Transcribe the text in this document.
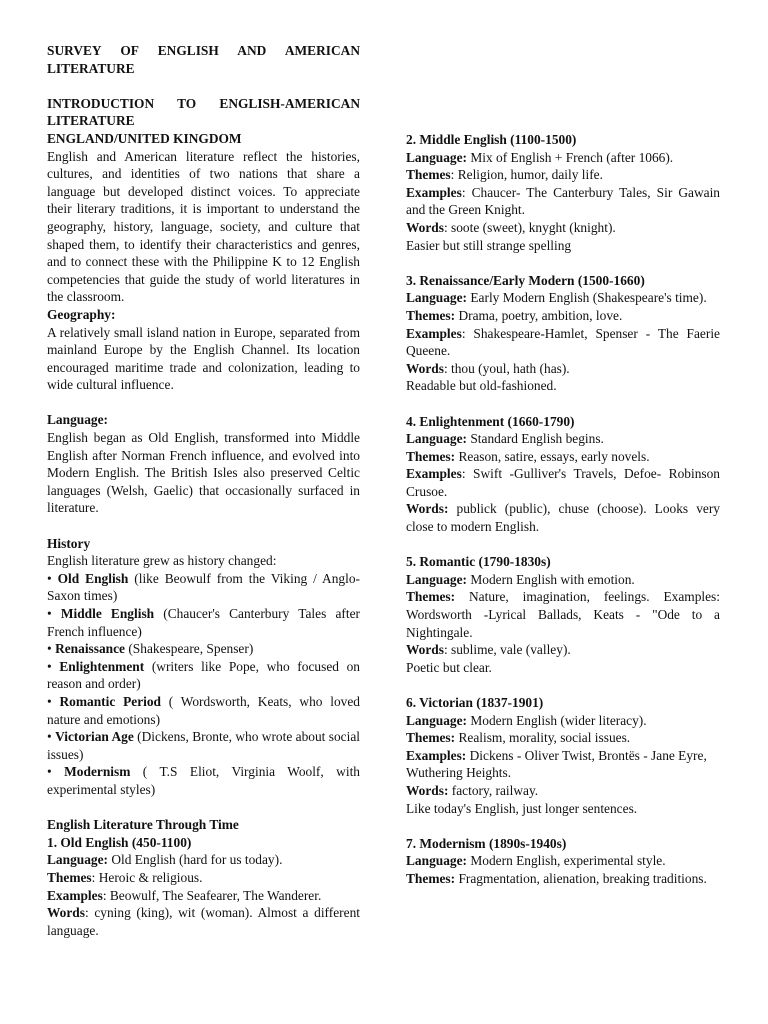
SURVEY OF ENGLISH AND AMERICAN LITERATURE

INTRODUCTION TO ENGLISH-AMERICAN LITERATURE

ENGLAND/UNITED KINGDOM

English and American literature reflect the histories, cultures, and identities of two nations that share a language but developed distinct voices. To appreciate their literary traditions, it is important to understand the geography, history, language, society, and culture that shaped them, to identify their characteristics and genres, and to connect these with the Philippine K to 12 English competencies that guide the study of world literatures in the classroom.

Geography:

A relatively small island nation in Europe, separated from mainland Europe by the English Channel. Its location encouraged maritime trade and colonization, leading to wide cultural influence.

Language:

English began as Old English, transformed into Middle English after Norman French influence, and evolved into Modern English. The British Isles also preserved Celtic languages (Welsh, Gaelic) that occasionally surfaced in literature.

History

English literature grew as history changed:

• Old English (like Beowulf from the Viking / Anglo-Saxon times)

• Middle English (Chaucer's Canterbury Tales after French influence)

• Renaissance (Shakespeare, Spenser)

• Enlightenment (writers like Pope, who focused on reason and order)

• Romantic Period ( Wordsworth, Keats, who loved nature and emotions)

• Victorian Age (Dickens, Bronte, who wrote about social issues)

• Modernism ( T.S Eliot, Virginia Woolf, with experimental styles)

English Literature Through Time

1. Old English (450-1100)

Language: Old English (hard for us today).

Themes: Heroic & religious.

Examples: Beowulf, The Seafearer, The Wanderer.

Words: cyning (king), wit (woman). Almost a different language.

2. Middle English (1100-1500)

Language: Mix of English + French (after 1066).

Themes: Religion, humor, daily life.

Examples: Chaucer- The Canterbury Tales, Sir Gawain and the Green Knight.

Words: soote (sweet), knyght (knight).

Easier but still strange spelling

3. Renaissance/Early Modern (1500-1660)

Language: Early Modern English (Shakespeare's time).

Themes: Drama, poetry, ambition, love.

Examples: Shakespeare-Hamlet, Spenser - The Faerie Queene.

Words: thou (youl, hath (has).

Readable but old-fashioned.

4. Enlightenment (1660-1790)

Language: Standard English begins.

Themes: Reason, satire, essays, early novels.

Examples: Swift -Gulliver's Travels, Defoe- Robinson Crusoe.

Words: publick (public), chuse (choose). Looks very close to modern English.

5. Romantic (1790-1830s)

Language: Modern English with emotion.

Themes: Nature, imagination, feelings. Examples: Wordsworth -Lyrical Ballads, Keats - "Ode to a Nightingale.

Words: sublime, vale (valley).

Poetic but clear.

6. Victorian (1837-1901)

Language: Modern English (wider literacy).

Themes: Realism, morality, social issues.

Examples: Dickens - Oliver Twist, Brontës - Jane Eyre,

Wuthering Heights.

Words: factory, railway.

Like today's English, just longer sentences.

7. Modernism (1890s-1940s)

Language: Modern English, experimental style.

Themes: Fragmentation, alienation, breaking traditions.
